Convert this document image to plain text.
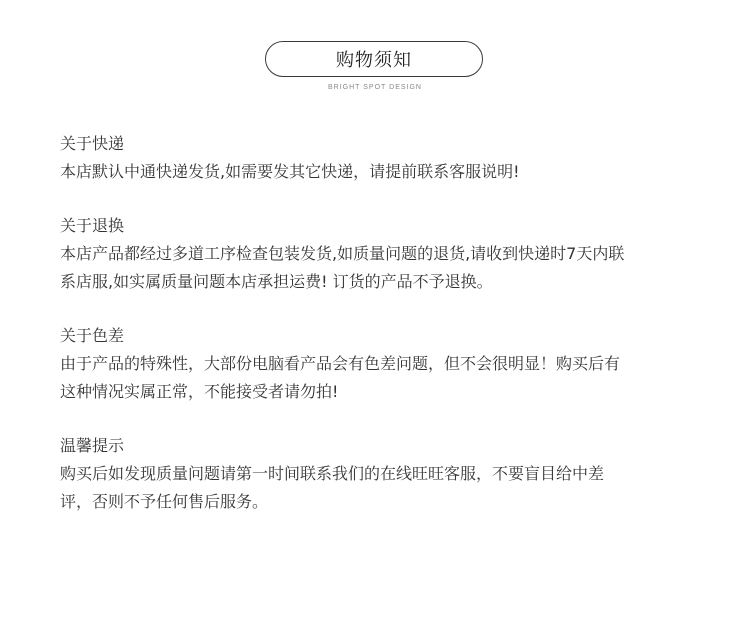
购物须知
BRIGHT SPOT DESIGN
关于快递
本店默认中通快递发货,如需要发其它快递，请提前联系客服说明!
关于退换
本店产品都经过多道工序检查包装发货,如质量问题的退货,请收到快递时7天内联
系店服,如实属质量问题本店承担运费! 订货的产品不予退换。
关于色差
由于产品的特殊性，大部份电脑看产品会有色差问题，但不会很明显！购买后有
这种情况实属正常，不能接受者请勿拍!
温馨提示
购买后如发现质量问题请第一时间联系我们的在线旺旺客服，不要盲目给中差
评，否则不予任何售后服务。
